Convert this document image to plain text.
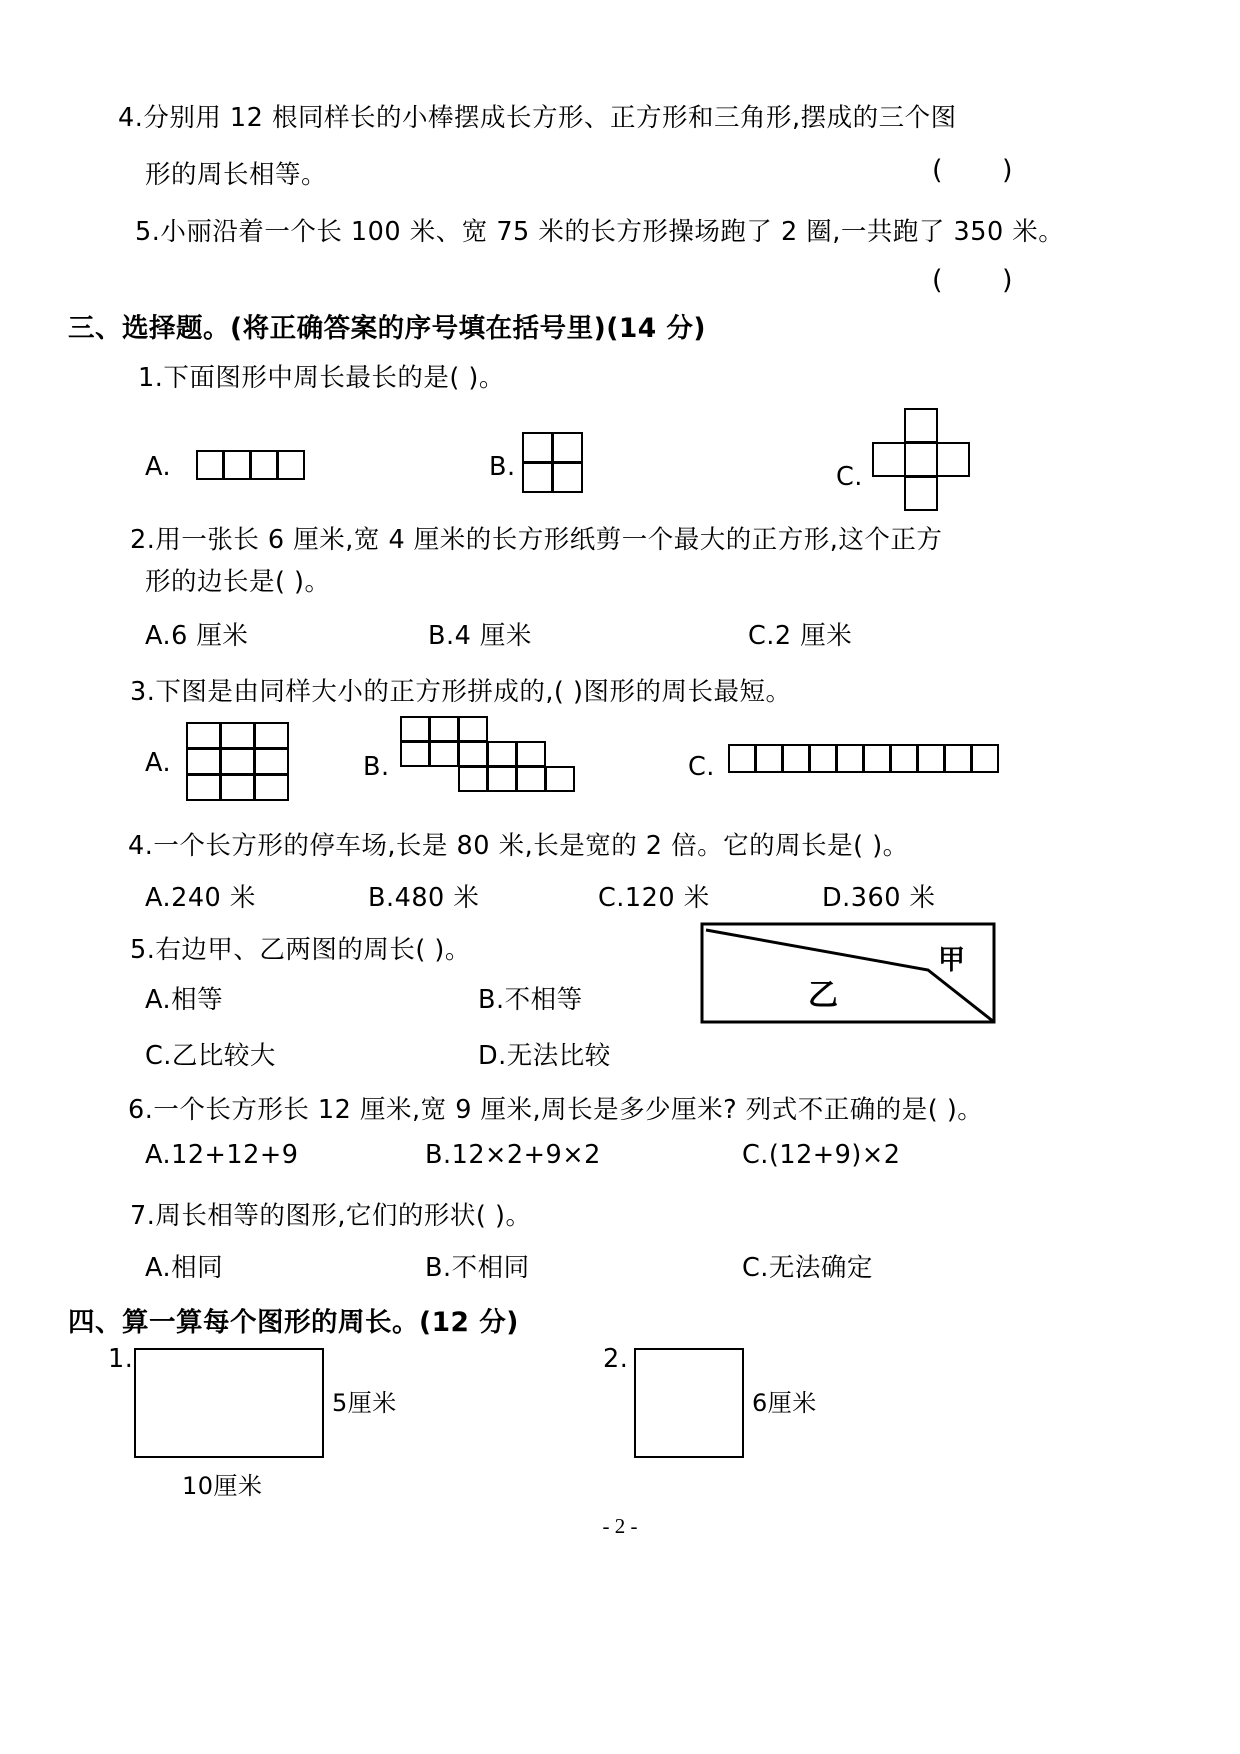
4.分别用 12 根同样长的小棒摆成长方形、正方形和三角形,摆成的三个图
形的周长相等。	( )
5.小丽沿着一个长 100 米、宽 75 米的长方形操场跑了 2 圈,一共跑了 350 米。
( )
三、选择题。(将正确答案的序号填在括号里)(14 分)
1.下面图形中周长最长的是( )。
A.	B.	C.
2.用一张长 6 厘米,宽 4 厘米的长方形纸剪一个最大的正方形,这个正方
形的边长是( )。
A.6 厘米	B.4 厘米	C.2 厘米
3.下图是由同样大小的正方形拼成的,( )图形的周长最短。
A.	B.	C.
4.一个长方形的停车场,长是 80 米,长是宽的 2 倍。它的周长是( )。
A.240 米	B.480 米	C.120 米	D.360 米
5.右边甲、乙两图的周长( )。
A.相等	B.不相等
C.乙比较大	D.无法比较
甲
乙
6.一个长方形长 12 厘米,宽 9 厘米,周长是多少厘米? 列式不正确的是( )。
A.12+12+9	B.12×2+9×2	C.(12+9)×2
7.周长相等的图形,它们的形状( )。
A.相同	B.不相同	C.无法确定
四、算一算每个图形的周长。(12 分)
1.
5厘米
10厘米
2.
6厘米
- 2 -
